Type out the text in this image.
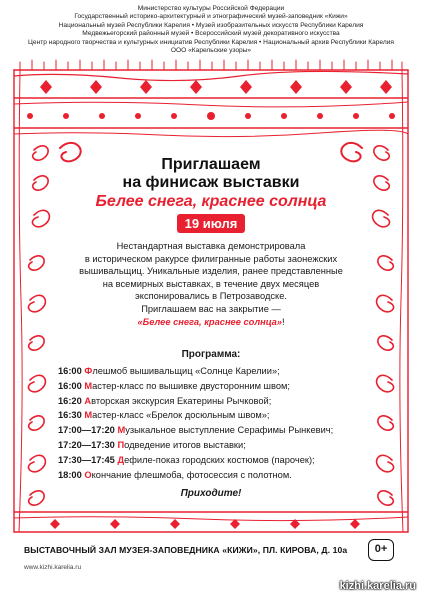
Министерство культуры Российской Федерации
Государственный историко-архитектурный и этнографический музей-заповедник «Кижи»
Национальный музей Республики Карелия • Музей изобразительных искусств Республики Карелия
Медвежьегорский районный музей • Всероссийский музей декоративного искусства
Центр народного творчества и культурных инициатив Республики Карелия • Национальный архив Республики Карелия
ООО «Карельские узоры»
Приглашаем
на финисаж выставки
Белее снега, краснее солнца
19 июля
Нестандартная выставка демонстрировала
в историческом ракурсе филигранные работы заонежских
вышивальщиц. Уникальные изделия, ранее представленные
на всемирных выставках, в течение двух месяцев
экспонировались в Петрозаводске.
Приглашаем вас на закрытие —
«Белее снега, краснее солнца»!
Программа:
16:00 Флешмоб вышивальщиц «Солнце Карелии»;
16:00 Мастер-класс по вышивке двусторонним швом;
16:20 Авторская экскурсия Екатерины Рычковой;
16:30 Мастер-класс «Брелок досюльным швом»;
17:00—17:20 Музыкальное выступление Серафимы Рынкевич;
17:20—17:30 Подведение итогов выставки;
17:30—17:45 Дефиле-показ городских костюмов (парочек);
18:00 Окончание флешмоба, фотосессия с полотном.
Приходите!
ВЫСТАВОЧНЫЙ ЗАЛ МУЗЕЯ-ЗАПОВЕДНИКА «КИЖИ», ПЛ. КИРОВА, Д. 10а	0+
www.kizhi.karelia.ru
kizhi.karelia.ru
